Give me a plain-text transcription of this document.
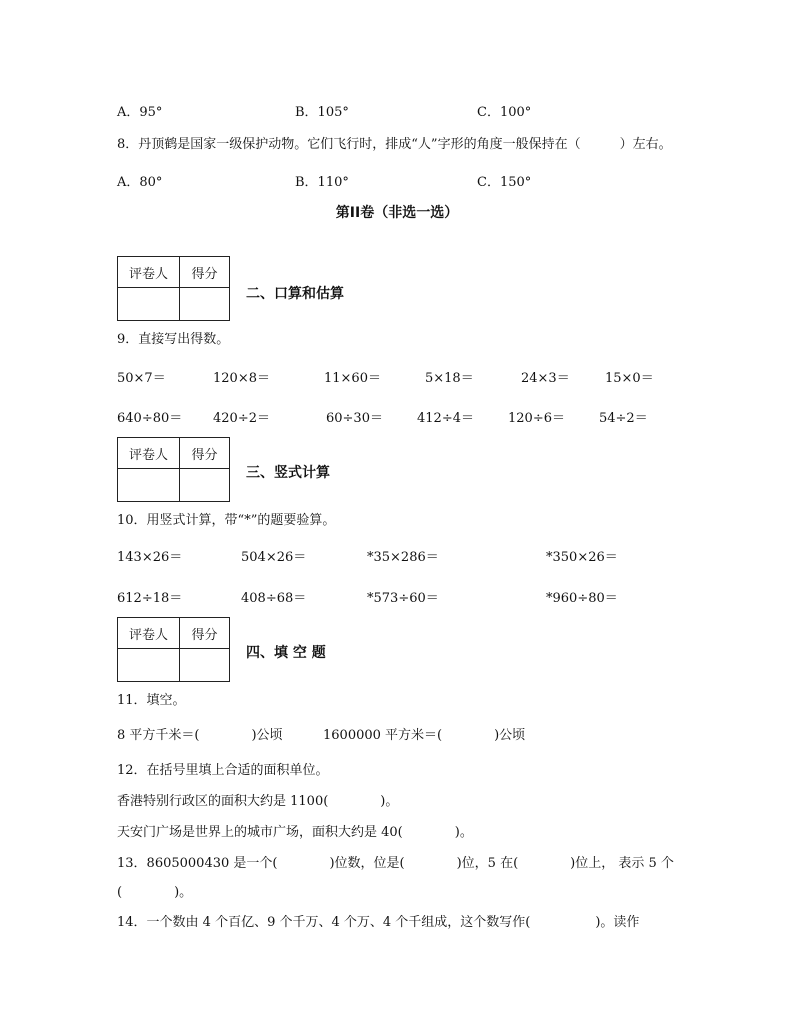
A．95°	B．105°	C．100°
8．丹顶鹤是国家一级保护动物。它们飞行时，排成“人”字形的角度一般保持在（　　　）左右。
A．80°	B．110°	C．150°
第II卷（非选一选）
评卷人	得分

二、口算和估算
9．直接写出得数。
50×7＝	120×8＝	11×60＝	5×18＝	24×3＝	15×0＝
640÷80＝ 420÷2＝	60÷30＝	412÷4＝	120÷6＝	54÷2＝
评卷人	得分

三、竖式计算
10．用竖式计算，带“*”的题要验算。
143×26＝	504×26＝	*35×286＝	*350×26＝
612÷18＝	408÷68＝	*573÷60＝	*960÷80＝
评卷人	得分

四、填 空 题
11．填空。
8 平方千米＝(　　　　)公顷	1600000 平方米＝(　　　　)公顷
12．在括号里填上合适的面积单位。
香港特别行政区的面积大约是 1100(　　　　)。
天安门广场是世界上的城市广场，面积大约是 40(　　　　)。
13．8605000430 是一个(　　　　)位数，位是(　　　　)位，5 在(　　　　)位上， 表示 5 个
(　　　　)。
14．一个数由 4 个百亿、9 个千万、4 个万、4 个千组成，这个数写作(　　　　　)。读作
